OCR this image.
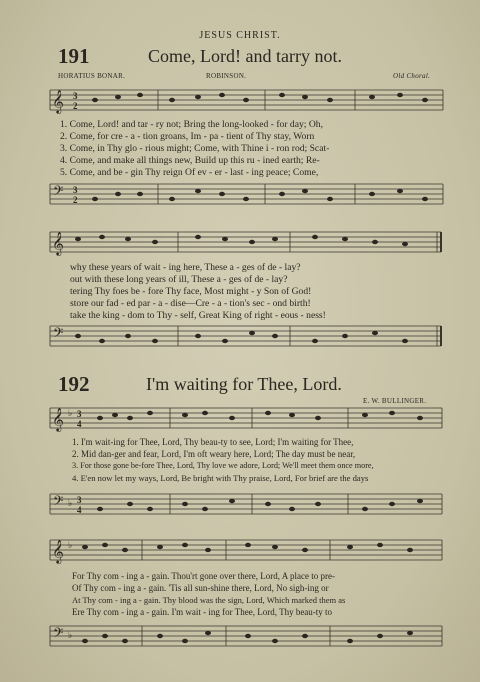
JESUS CHRIST.
191	Come, Lord! and tarry not.
HORATIUS BONAR.	ROBINSON.	Old Choral.
𝄞 3
2
1. Come, Lord! and tar - ry not; Bring the long-looked - for day; Oh,
2. Come, for cre - a - tion groans, Im - pa - tient of Thy stay, Worn
3. Come, in Thy glo - rious might; Come, with Thine i - ron rod; Scat-
4. Come, and make all things new, Build up this ru - ined earth; Re-
5. Come, and be - gin Thy reign Of ev - er - last - ing peace; Come,
𝄢 3
2
𝄞
why these years of wait - ing here, These a - ges of de - lay?
out with these long years of ill, These a - ges of de - lay?
tering Thy foes be - fore Thy face, Most might - y Son of God!
store our fad - ed par - a - dise—Cre - a - tion's sec - ond birth!
take the king - dom to Thy - self, Great King of right - eous - ness!
𝄢
192	I'm waiting for Thee, Lord.
E. W. BULLINGER.
𝄞 ♭ 3
4
1. I'm wait-ing for Thee, Lord, Thy beau-ty to see, Lord; I'm waiting for Thee,
2. Mid dan-ger and fear, Lord, I'm oft weary here, Lord; The day must be near,
3. For those gone be-fore Thee, Lord, Thy love we adore, Lord; We'll meet them once more,
4. E'en now let my ways, Lord, Be bright with Thy praise, Lord, For brief are the days
𝄢 ♭ 3
4
𝄞 ♭
For Thy com - ing a - gain. Thou'rt gone over there, Lord, A place to pre-
Of Thy com - ing a - gain. 'Tis all sun-shine there, Lord, No sigh-ing or
At Thy com - ing a - gain. Thy blood was the sign, Lord, Which marked them as
Ere Thy com - ing a - gain. I'm wait - ing for Thee, Lord, Thy beau-ty to
𝄢 ♭
